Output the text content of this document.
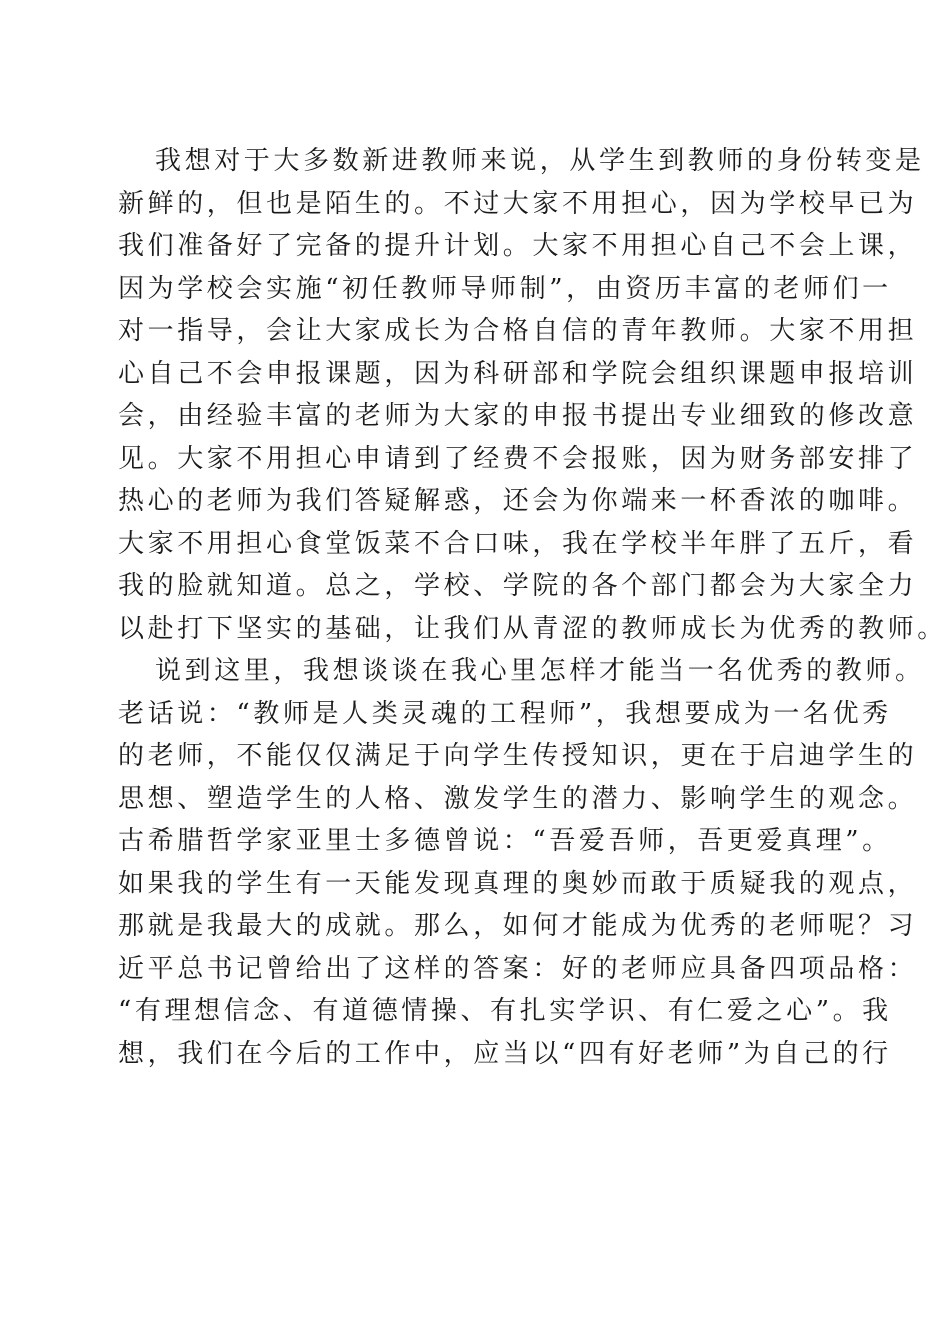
我想对于大多数新进教师来说，从学生到教师的身份转变是
新鲜的，但也是陌生的。不过大家不用担心，因为学校早已为
我们准备好了完备的提升计划。大家不用担心自己不会上课，
因为学校会实施“初任教师导师制”，由资历丰富的老师们一
对一指导，会让大家成长为合格自信的青年教师。大家不用担
心自己不会申报课题，因为科研部和学院会组织课题申报培训
会，由经验丰富的老师为大家的申报书提出专业细致的修改意
见。大家不用担心申请到了经费不会报账，因为财务部安排了
热心的老师为我们答疑解惑，还会为你端来一杯香浓的咖啡。
大家不用担心食堂饭菜不合口味，我在学校半年胖了五斤，看
我的脸就知道。总之，学校、学院的各个部门都会为大家全力
以赴打下坚实的基础，让我们从青涩的教师成长为优秀的教师。
说到这里，我想谈谈在我心里怎样才能当一名优秀的教师。
老话说：“教师是人类灵魂的工程师”，我想要成为一名优秀
的老师，不能仅仅满足于向学生传授知识，更在于启迪学生的
思想、塑造学生的人格、激发学生的潜力、影响学生的观念。
古希腊哲学家亚里士多德曾说：“吾爱吾师，吾更爱真理”。
如果我的学生有一天能发现真理的奥妙而敢于质疑我的观点，
那就是我最大的成就。那么，如何才能成为优秀的老师呢？习
近平总书记曾给出了这样的答案：好的老师应具备四项品格：
“有理想信念、有道德情操、有扎实学识、有仁爱之心”。我
想，我们在今后的工作中，应当以“四有好老师”为自己的行
